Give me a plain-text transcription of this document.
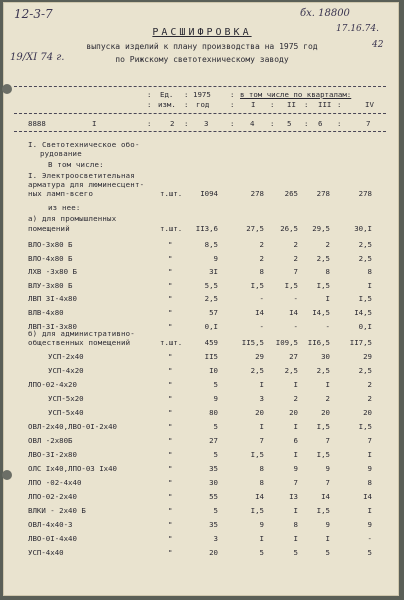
12-3-7
19/XI 74 г.
бх. 18800
17.16.74.
42
РАСШИФРОВКА
выпуска изделий к плану производства на 1975 год
по Рижскому светотехническому заводу
: Ед. : 1975	: в том числе по кварталам:
: изм. : год	: I : II : III :	IV
8888	I	:	2 : 3	: 4 : 5 : 6 :	7
I. Светотехническое обо-
рудование
В том числе:
I. Электроосветительная
арматура для люминесцент-
ных ламп-всего	т.шт.	I094	278	265	278	278
из нее:
а) для промышленных
помещений	т.шт.	II3,6	27,5	26,5	29,5	30,I
ВЛО-3х80 Б	"	8,5	2	2	2	2,5
ВЛО-4х80 Б	"	9	2	2	2,5	2,5
ЛХВ -3х80 Б	"	3I	8	7	8	8
ВЛУ-3х80 Б	"	5,5	I,5	I,5	I,5	I
ЛВП 3I-4х80	"	2,5	-	-	I	I,5
ВЛВ-4х80	"	57	I4	I4	I4,5	I4,5
ЛВП-3I-3х80	"	0,I	-	-	-	0,I
б) для административно-
общественных помещений	т.шт.	459	II5,5	I09,5	II6,5	II7,5
УСП-2х40	"	II5	29	27	30	29
УСП-4х20	"	I0	2,5	2,5	2,5	2,5
ЛПО-02-4х20	"	5	I	I	I	2
УСП-5х20	"	9	3	2	2	2
УСП-5х40	"	80	20	20	20	20
ОВЛ-2х40,ЛВО-0I-2х40	"	5	I	I	I,5	I,5
ОВЛ -2х80Б	"	27	7	6	7	7
ЛВО-3I-2х80	"	5	I,5	I	I,5	I
ОЛС Iх40,ЛПО-03 Iх40	"	35	8	9	9	9
ЛПО -02-4х40	"	30	8	7	7	8
ЛПО-02-2х40	"	55	I4	I3	I4	I4
ВЛКИ - 2х40 Б	"	5	I,5	I	I,5	I
ОВЛ-4х40-3	"	35	9	8	9	9
ЛВО-0I-4х40	"	3	I	I	I	-
УСП-4х40	"	20	5	5	5	5
